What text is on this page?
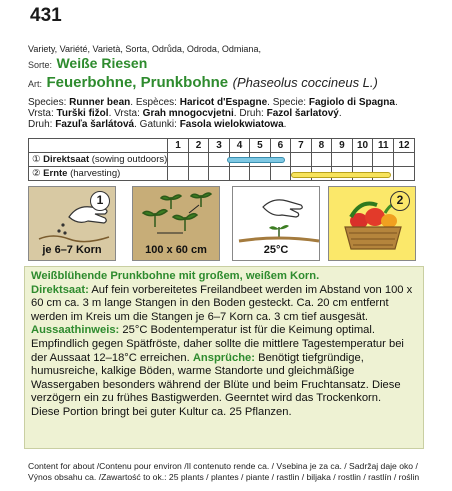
431
Variety, Variété, Varietà, Sorta, Odrůda, Odroda, Odmiana,
Sorte: Weiße Riesen
Art: Feuerbohne, Prunkbohne (Phaseolus coccineus L.)
Species: Runner bean. Espèces: Haricot d'Espagne. Specie: Fagiolo di Spagna.
Vrsta: Turški fižol. Vrsta: Grah mnogocvjetni. Druh: Fazol šarlatový.
Druh: Fazuľa šarlátová. Gatunki: Fasola wielokwiatowa.
	1	2	3	4	5	6	7	8	9	10	11	12
① Direktsaat (sowing outdoors)												
② Ernte (harvesting)												
1
je 6–7 Korn	100 x 60 cm	25°C
2

Weißblühende Prunkbohne mit großem, weißem Korn.
Direktsaat: Auf fein vorbereitetes Freilandbeet werden im Abstand von 100 x 60 cm ca. 3 m lange Stangen in den Boden gesteckt. Ca. 20 cm entfernt werden im Kreis um die Stangen je 6–7 Korn ca. 3 cm tief ausgesät.
Aussaathinweis: 25°C Bodentemperatur ist für die Keimung optimal. Empfindlich gegen Spätfröste, daher sollte die mittlere Tagestemperatur bei der Aussaat 12–18°C erreichen. Ansprüche: Benötigt tiefgründige, humusreiche, kalkige Böden, warme Standorte und gleichmäßige Wassergaben besonders während der Blüte und beim Fruchtansatz. Diese verzögern ein zu frühes Bastigwerden. Geerntet wird das Trockenkorn.
Diese Portion bringt bei guter Kultur ca. 25 Pflanzen.

Content for about /Contenu pour environ /Il contenuto rende ca. / Vsebina je za ca. / Sadržaj daje oko /
Výnos obsahu ca. /Zawartość to ok.: 25 plants / plantes / piante / rastlin / biljaka / rostlin / rastlín / roślin
